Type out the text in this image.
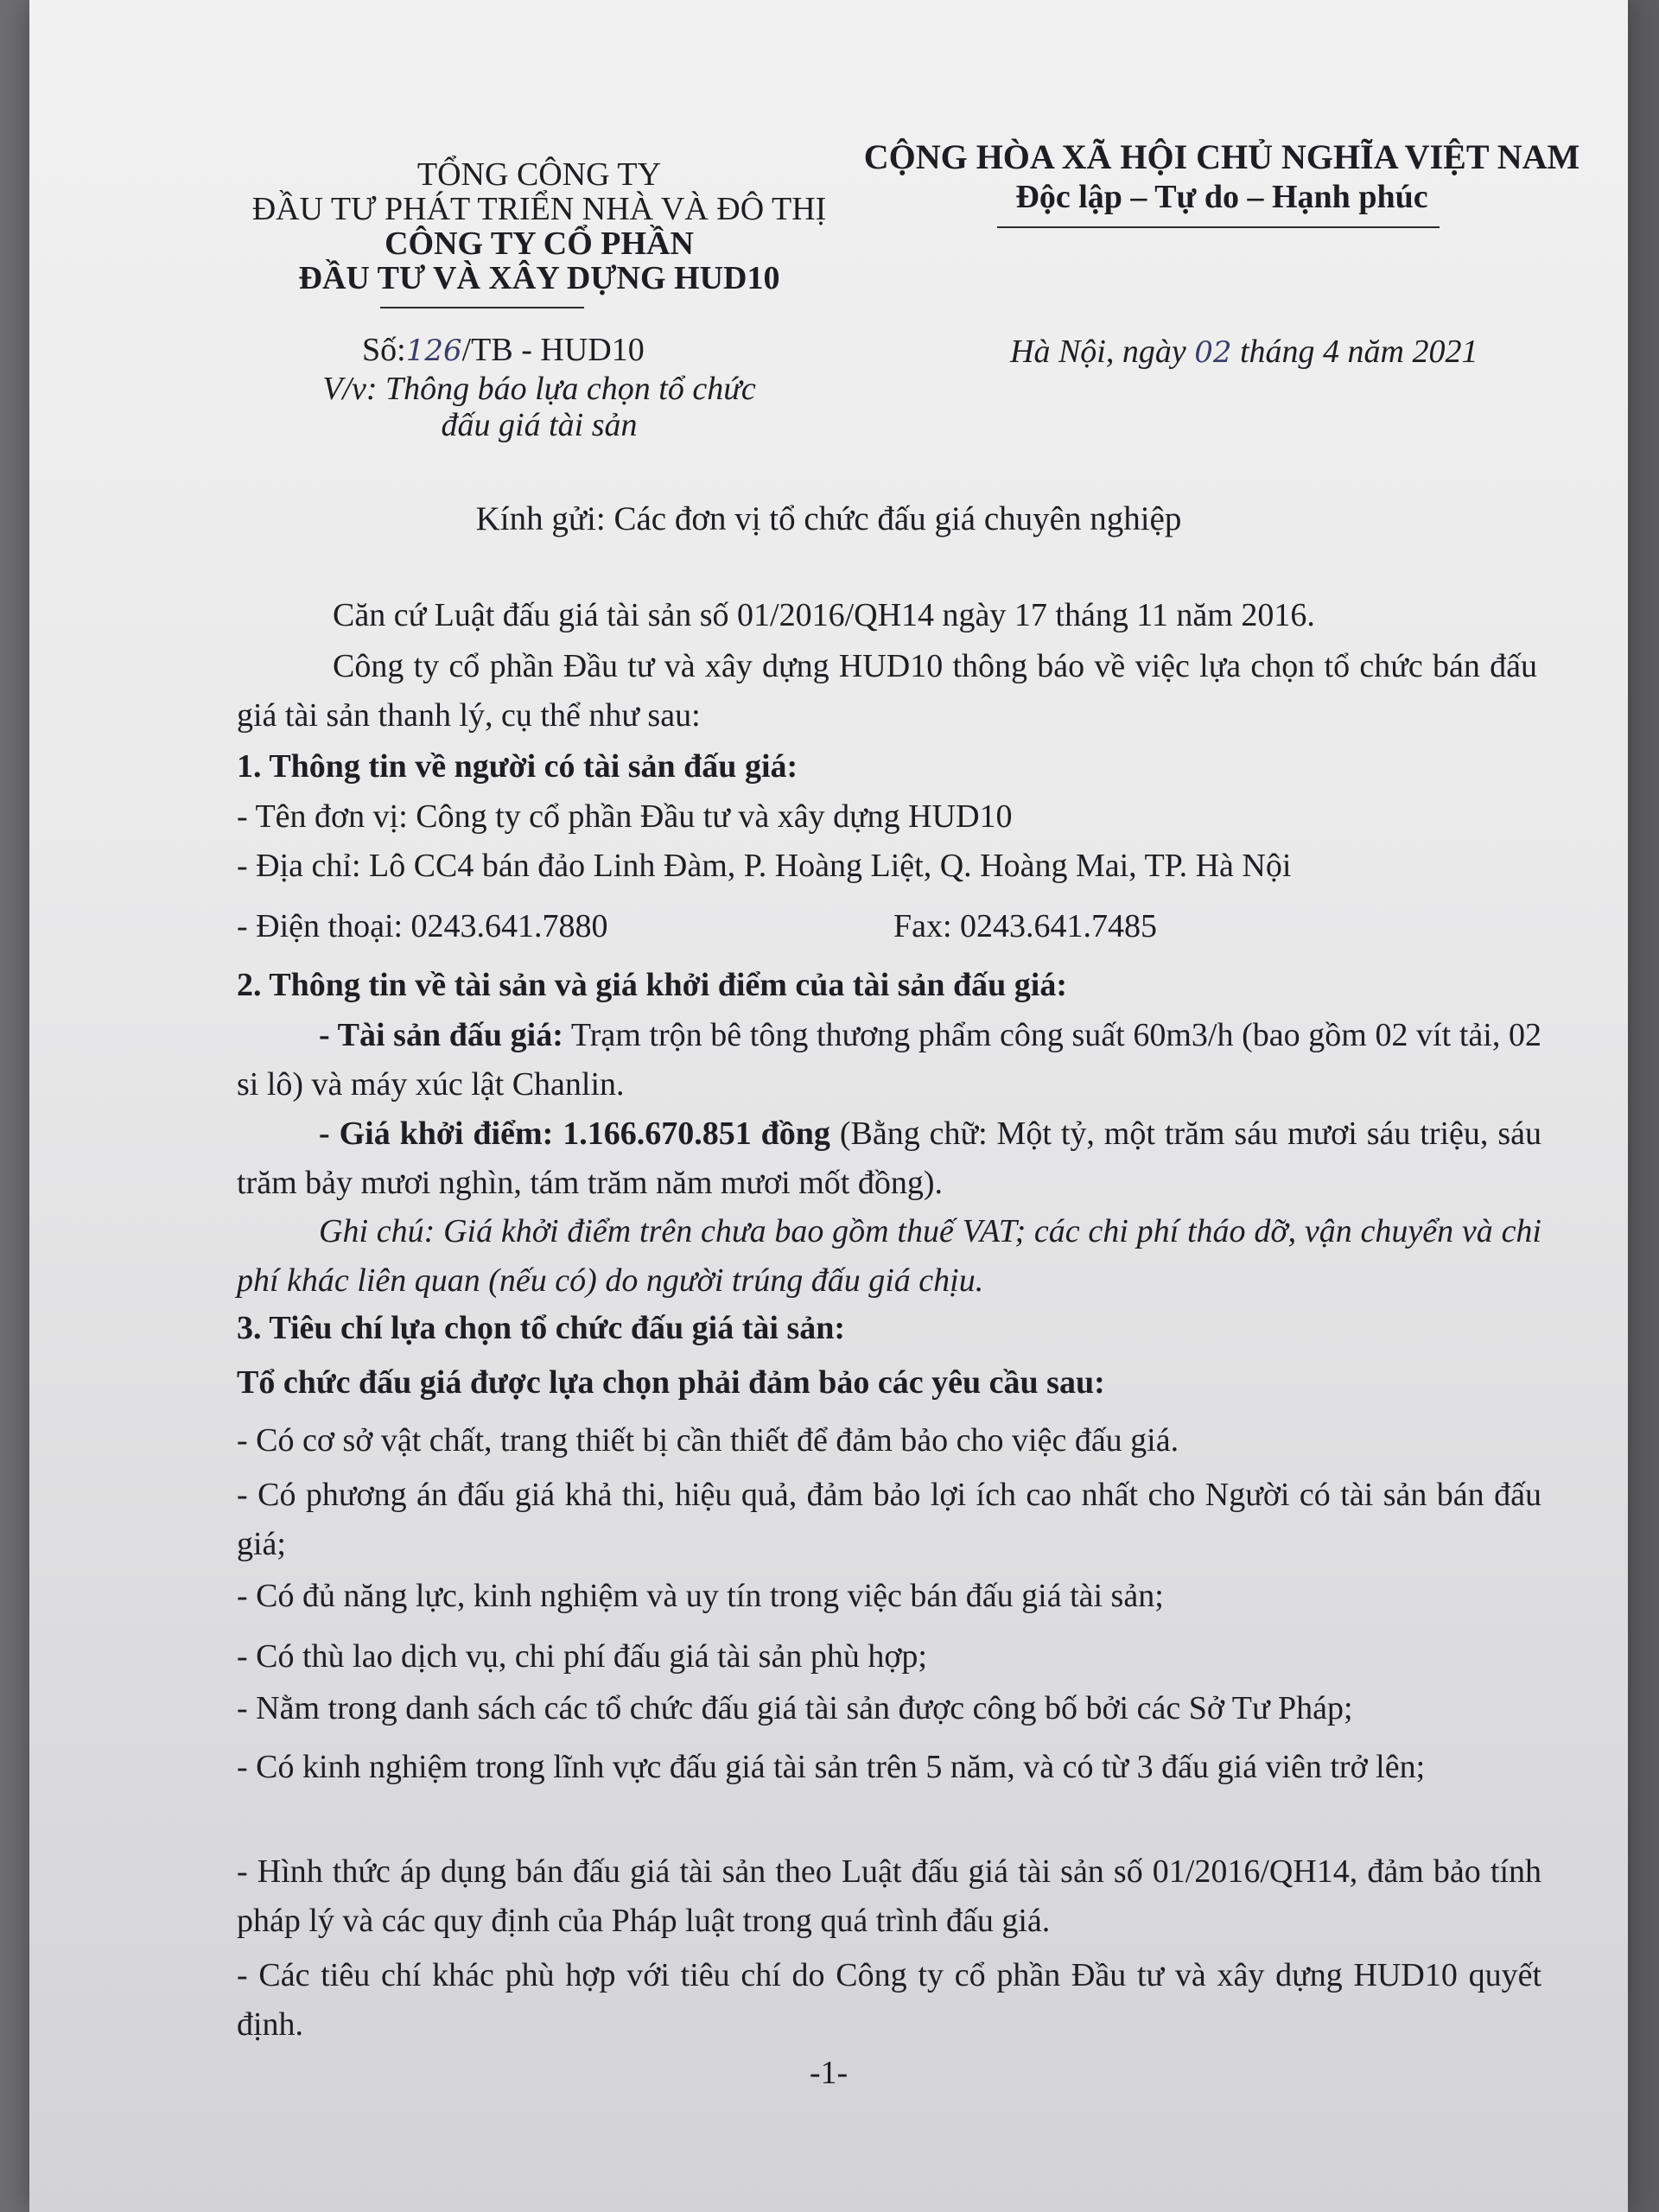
TỔNG CÔNG TY
ĐẦU TƯ PHÁT TRIỂN NHÀ VÀ ĐÔ THỊ
CÔNG TY CỔ PHẦN
ĐẦU TƯ VÀ XÂY DỰNG HUD10
Số:126/TB - HUD10
V/v: Thông báo lựa chọn tổ chức
đấu giá tài sản
CỘNG HÒA XÃ HỘI CHỦ NGHĨA VIỆT NAM
Độc lập – Tự do – Hạnh phúc
Hà Nội, ngày 02 tháng 4 năm 2021
Kính gửi: Các đơn vị tổ chức đấu giá chuyên nghiệp
Căn cứ Luật đấu giá tài sản số 01/2016/QH14 ngày 17 tháng 11 năm 2016.
Công ty cổ phần Đầu tư và xây dựng HUD10 thông báo về việc lựa chọn tổ chức bán đấu giá tài sản thanh lý, cụ thể như sau:
1. Thông tin về người có tài sản đấu giá:
- Tên đơn vị: Công ty cổ phần Đầu tư và xây dựng HUD10
- Địa chỉ: Lô CC4 bán đảo Linh Đàm, P. Hoàng Liệt, Q. Hoàng Mai, TP. Hà Nội
- Điện thoại: 0243.641.7880	Fax: 0243.641.7485
2. Thông tin về tài sản và giá khởi điểm của tài sản đấu giá:
- Tài sản đấu giá: Trạm trộn bê tông thương phẩm công suất 60m3/h (bao gồm 02 vít tải, 02 si lô) và máy xúc lật Chanlin.
- Giá khởi điểm: 1.166.670.851 đồng (Bằng chữ: Một tỷ, một trăm sáu mươi sáu triệu, sáu trăm bảy mươi nghìn, tám trăm năm mươi mốt đồng).
Ghi chú: Giá khởi điểm trên chưa bao gồm thuế VAT; các chi phí tháo dỡ, vận chuyển và chi phí khác liên quan (nếu có) do người trúng đấu giá chịu.
3. Tiêu chí lựa chọn tổ chức đấu giá tài sản:
Tổ chức đấu giá được lựa chọn phải đảm bảo các yêu cầu sau:
- Có cơ sở vật chất, trang thiết bị cần thiết để đảm bảo cho việc đấu giá.
- Có phương án đấu giá khả thi, hiệu quả, đảm bảo lợi ích cao nhất cho Người có tài sản bán đấu giá;
- Có đủ năng lực, kinh nghiệm và uy tín trong việc bán đấu giá tài sản;
- Có thù lao dịch vụ, chi phí đấu giá tài sản phù hợp;
- Nằm trong danh sách các tổ chức đấu giá tài sản được công bố bởi các Sở Tư Pháp;
- Có kinh nghiệm trong lĩnh vực đấu giá tài sản trên 5 năm, và có từ 3 đấu giá viên trở lên;
- Hình thức áp dụng bán đấu giá tài sản theo Luật đấu giá tài sản số 01/2016/QH14, đảm bảo tính pháp lý và các quy định của Pháp luật trong quá trình đấu giá.
- Các tiêu chí khác phù hợp với tiêu chí do Công ty cổ phần Đầu tư và xây dựng HUD10 quyết định.
-1-
